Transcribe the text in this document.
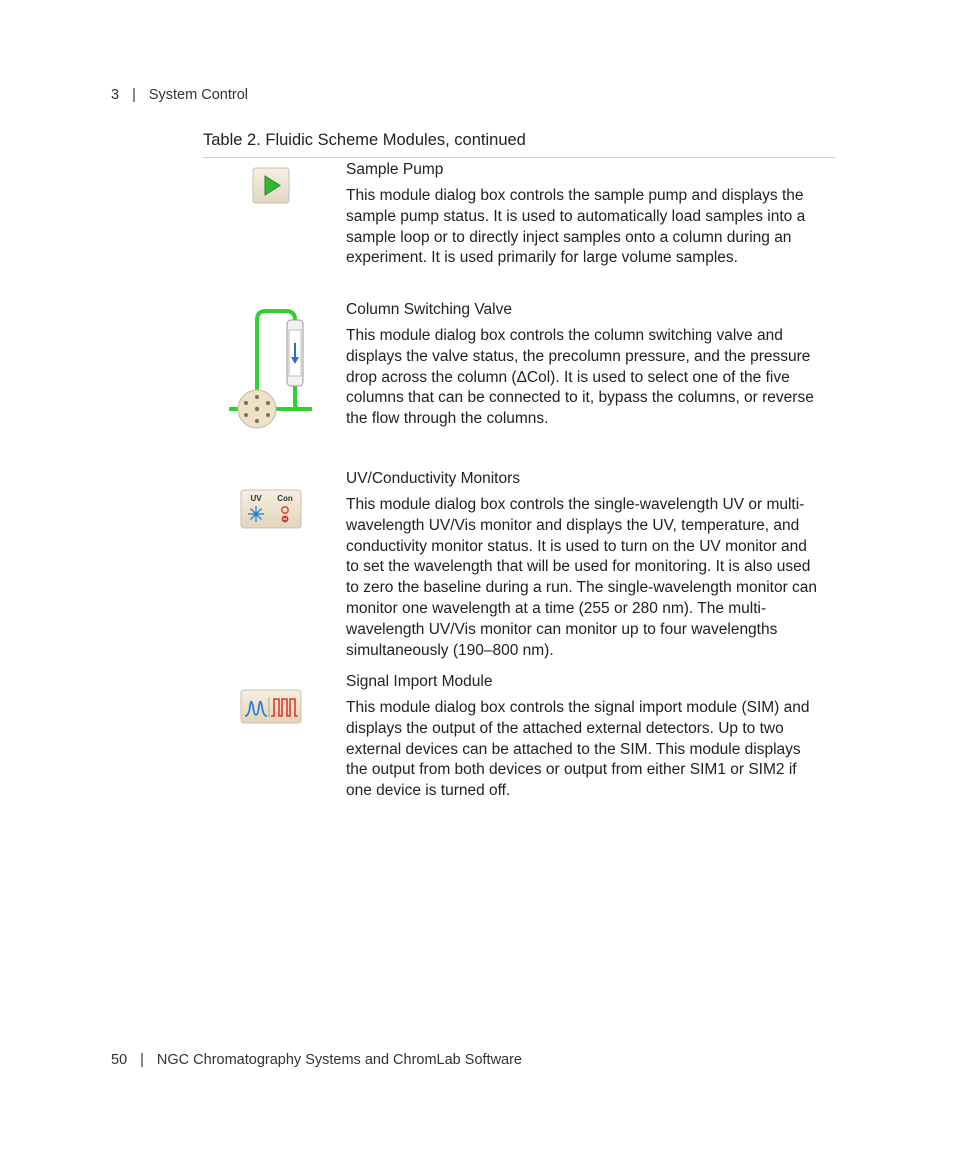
3 | System Control
Table 2. Fluidic Scheme Modules, continued
UV Con
Sample Pump

This module dialog box controls the sample pump and displays the sample pump status. It is used to automatically load samples into a sample loop or to directly inject samples onto a column during an experiment. It is used primarily for large volume samples.

Column Switching Valve

This module dialog box controls the column switching valve and displays the valve status, the precolumn pressure, and the pressure drop across the column (ΔCol). It is used to select one of the five columns that can be connected to it, bypass the columns, or reverse the flow through the columns.

UV/Conductivity Monitors

This module dialog box controls the single-wavelength UV or multi-wavelength UV/Vis monitor and displays the UV, temperature, and conductivity monitor status. It is used to turn on the UV monitor and to set the wavelength that will be used for monitoring. It is also used to zero the baseline during a run. The single-wavelength monitor can monitor one wavelength at a time (255 or 280 nm). The multi-wavelength UV/Vis monitor can monitor up to four wavelengths simultaneously (190–800 nm).

Signal Import Module

This module dialog box controls the signal import module (SIM) and displays the output of the attached external detectors. Up to two external devices can be attached to the SIM. This module displays the output from both devices or output from either SIM1 or SIM2 if one device is turned off.

50 | NGC Chromatography Systems and ChromLab Software
